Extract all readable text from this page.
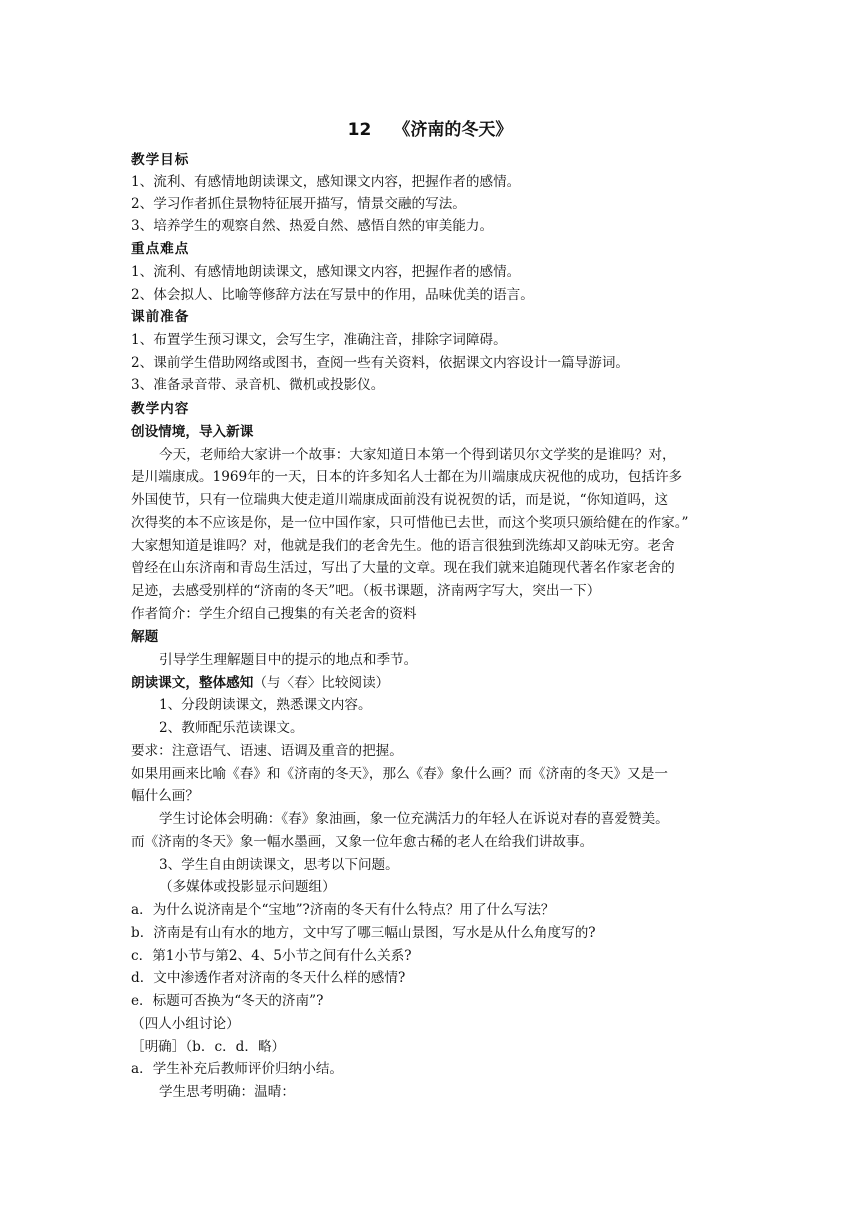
12 《济南的冬天》
教学目标
1、流利、有感情地朗读课文，感知课文内容，把握作者的感情。
2、学习作者抓住景物特征展开描写，情景交融的写法。
3、培养学生的观察自然、热爱自然、感悟自然的审美能力。
重点难点
1、流利、有感情地朗读课文，感知课文内容，把握作者的感情。
2、体会拟人、比喻等修辞方法在写景中的作用，品味优美的语言。
课前准备
1、布置学生预习课文，会写生字，准确注音，排除字词障碍。
2、课前学生借助网络或图书，查阅一些有关资料，依据课文内容设计一篇导游词。
3、准备录音带、录音机、微机或投影仪。
教学内容
创设情境，导入新课
今天，老师给大家讲一个故事：大家知道日本第一个得到诺贝尔文学奖的是谁吗？对，
是川端康成。1969年的一天，日本的许多知名人士都在为川端康成庆祝他的成功，包括许多
外国使节，只有一位瑞典大使走道川端康成面前没有说祝贺的话，而是说，“你知道吗，这
次得奖的本不应该是你，是一位中国作家，只可惜他已去世，而这个奖项只颁给健在的作家。”
大家想知道是谁吗？对，他就是我们的老舍先生。他的语言很独到洗练却又韵味无穷。老舍
曾经在山东济南和青岛生活过，写出了大量的文章。现在我们就来追随现代著名作家老舍的
足迹，去感受别样的“济南的冬天”吧。（板书课题，济南两字写大，突出一下）
作者简介：学生介绍自己搜集的有关老舍的资料
解题
引导学生理解题目中的提示的地点和季节。
朗读课文，整体感知（与〈春〉比较阅读）
1、分段朗读课文，熟悉课文内容。
2、教师配乐范读课文。
要求：注意语气、语速、语调及重音的把握。
如果用画来比喻《春》和《济南的冬天》，那么《春》象什么画？而《济南的冬天》又是一
幅什么画？
学生讨论体会明确：《春》象油画，象一位充满活力的年轻人在诉说对春的喜爱赞美。
而《济南的冬天》象一幅水墨画，又象一位年愈古稀的老人在给我们讲故事。
3、学生自由朗读课文，思考以下问题。
（多媒体或投影显示问题组）
a．为什么说济南是个“宝地”?济南的冬天有什么特点？用了什么写法？
b．济南是有山有水的地方，文中写了哪三幅山景图，写水是从什么角度写的?
c．第1小节与第2、4、5小节之间有什么关系?
d．文中渗透作者对济南的冬天什么样的感情?
e．标题可否换为“冬天的济南”?
（四人小组讨论）
［明确］（b．c．d．略）
a．学生补充后教师评价归纳小结。
学生思考明确：温晴：
